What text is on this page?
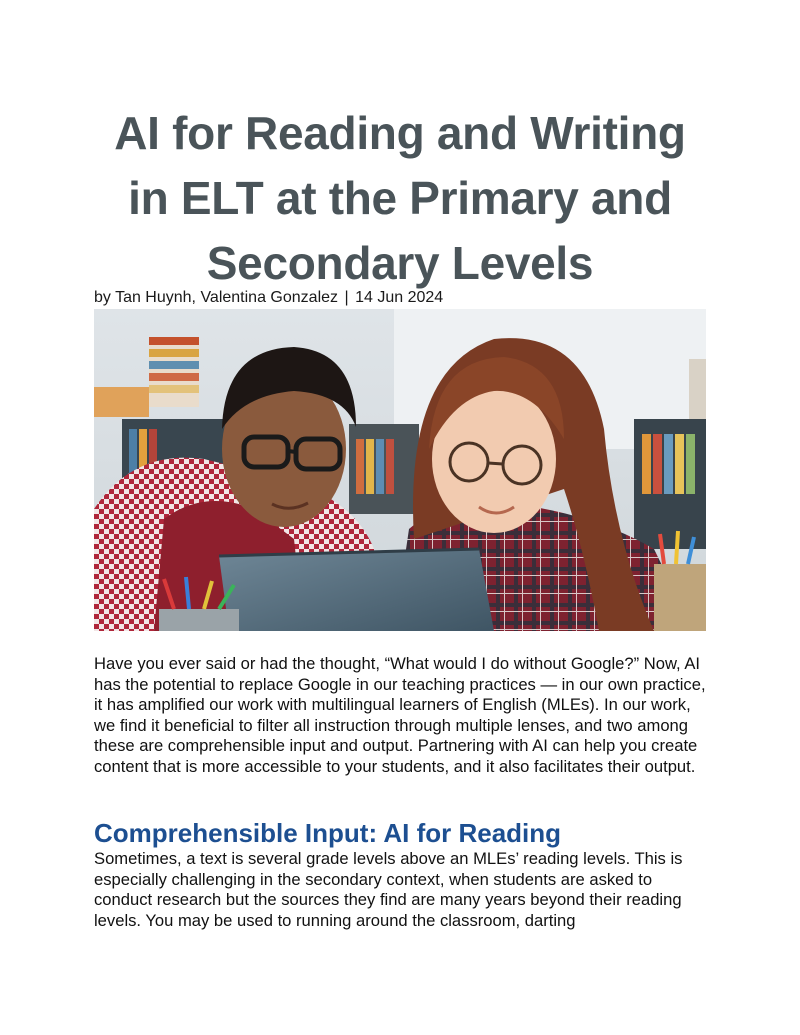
AI for Reading and Writing in ELT at the Primary and Secondary Levels
by Tan Huynh, Valentina Gonzalez | 14 Jun 2024

Have you ever said or had the thought, “What would I do without Google?” Now, AI has the potential to replace Google in our teaching practices — in our own practice, it has amplified our work with multilingual learners of English (MLEs). In our work, we find it beneficial to filter all instruction through multiple lenses, and two among these are comprehensible input and output. Partnering with AI can help you create content that is more accessible to your students, and it also facilitates their output.

Comprehensible Input: AI for Reading

Sometimes, a text is several grade levels above an MLEs’ reading levels. This is especially challenging in the secondary context, when students are asked to conduct research but the sources they find are many years beyond their reading levels. You may be used to running around the classroom, darting
